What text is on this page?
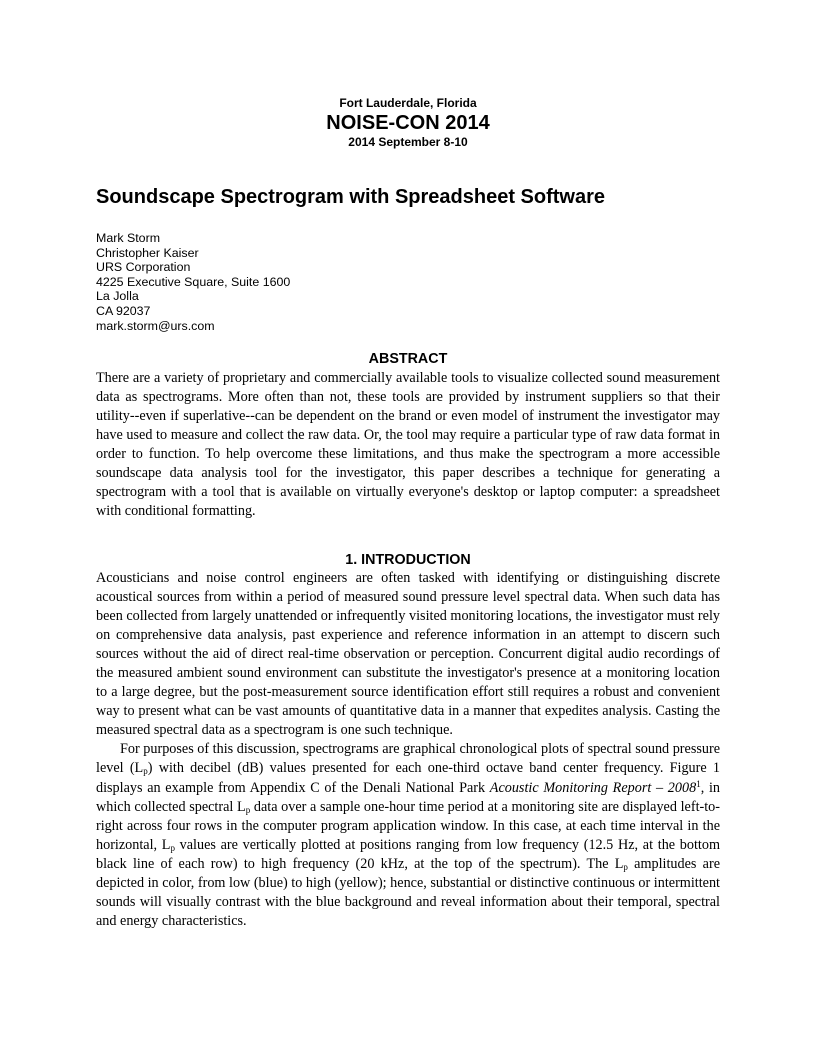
Fort Lauderdale, Florida
NOISE-CON 2014
2014 September 8-10
Soundscape Spectrogram with Spreadsheet Software
Mark Storm
Christopher Kaiser
URS Corporation
4225 Executive Square, Suite 1600
La Jolla
CA 92037
mark.storm@urs.com
ABSTRACT

There are a variety of proprietary and commercially available tools to visualize collected sound measurement data as spectrograms. More often than not, these tools are provided by instrument suppliers so that their utility--even if superlative--can be dependent on the brand or even model of instrument the investigator may have used to measure and collect the raw data. Or, the tool may require a particular type of raw data format in order to function. To help overcome these limitations, and thus make the spectrogram a more accessible soundscape data analysis tool for the investigator, this paper describes a technique for generating a spectrogram with a tool that is available on virtually everyone's desktop or laptop computer: a spreadsheet with conditional formatting.

1. INTRODUCTION

Acousticians and noise control engineers are often tasked with identifying or distinguishing discrete acoustical sources from within a period of measured sound pressure level spectral data. When such data has been collected from largely unattended or infrequently visited monitoring locations, the investigator must rely on comprehensive data analysis, past experience and reference information in an attempt to discern such sources without the aid of direct real-time observation or perception. Concurrent digital audio recordings of the measured ambient sound environment can substitute the investigator's presence at a monitoring location to a large degree, but the post-measurement source identification effort still requires a robust and convenient way to present what can be vast amounts of quantitative data in a manner that expedites analysis. Casting the measured spectral data as a spectrogram is one such technique.

For purposes of this discussion, spectrograms are graphical chronological plots of spectral sound pressure level $(L_p)$ with decibel (dB) values presented for each one-third octave band center frequency. Figure 1 displays an example from Appendix C of the Denali National Park Acoustic Monitoring Report – 2008$^1$, in which collected spectral $L_p$ data over a sample one-hour time period at a monitoring site are displayed left-to-right across four rows in the computer program application window. In this case, at each time interval in the horizontal, $L_p$ values are vertically plotted at positions ranging from low frequency (12.5 Hz, at the bottom black line of each row) to high frequency (20 kHz, at the top of the spectrum). The $L_p$ amplitudes are depicted in color, from low (blue) to high (yellow); hence, substantial or distinctive continuous or intermittent sounds will visually contrast with the blue background and reveal information about their temporal, spectral and energy characteristics.
